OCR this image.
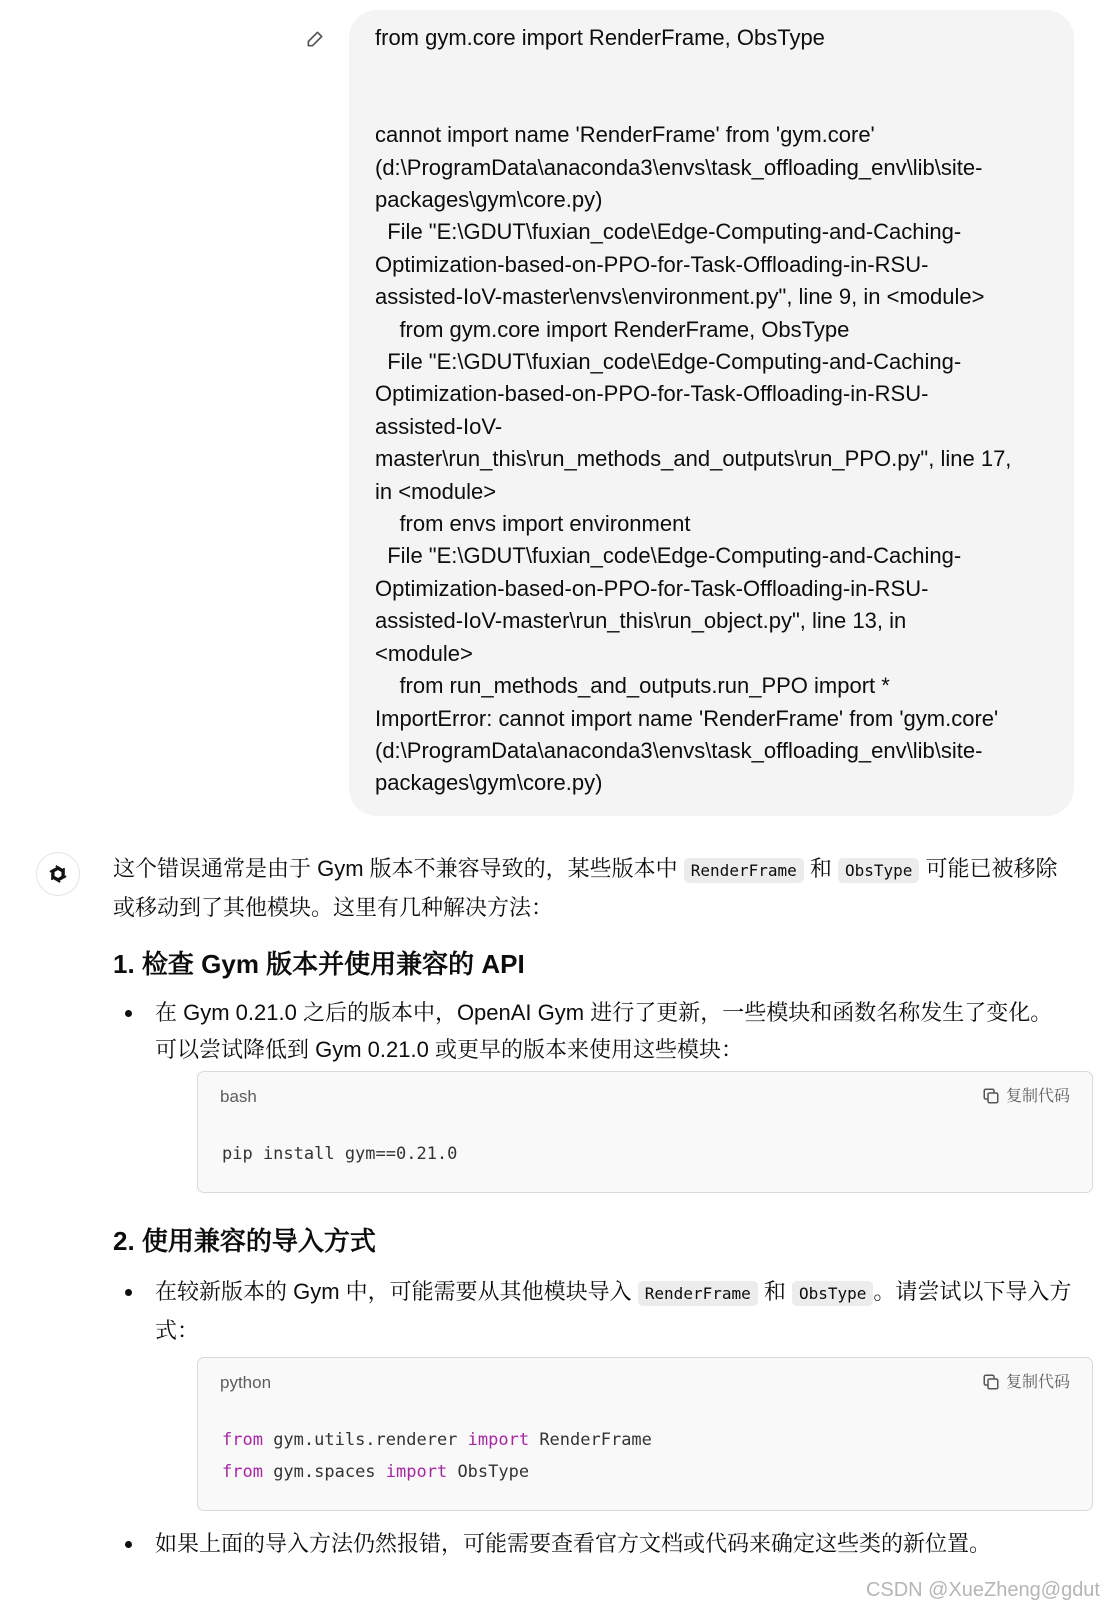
from gym.core import RenderFrame, ObsType
cannot import name 'RenderFrame' from 'gym.core'
(d:\ProgramData\anaconda3\envs\task_offloading_env\lib\site-
packages\gym\core.py)
File "E:\GDUT\fuxian_code\Edge-Computing-and-Caching-
Optimization-based-on-PPO-for-Task-Offloading-in-RSU-
assisted-IoV-master\envs\environment.py", line 9, in <module>
from gym.core import RenderFrame, ObsType
File "E:\GDUT\fuxian_code\Edge-Computing-and-Caching-
Optimization-based-on-PPO-for-Task-Offloading-in-RSU-
assisted-IoV-
master\run_this\run_methods_and_outputs\run_PPO.py", line 17,
in <module>
from envs import environment
File "E:\GDUT\fuxian_code\Edge-Computing-and-Caching-
Optimization-based-on-PPO-for-Task-Offloading-in-RSU-
assisted-IoV-master\run_this\run_object.py", line 13, in
<module>
from run_methods_and_outputs.run_PPO import *
ImportError: cannot import name 'RenderFrame' from 'gym.core'
(d:\ProgramData\anaconda3\envs\task_offloading_env\lib\site-
packages\gym\core.py)

这个错误通常是由于 Gym 版本不兼容导致的，某些版本中 RenderFrame 和 ObsType 可能已被移除或移动到了其他模块。这里有几种解决方法：

1. 检查 Gym 版本并使用兼容的 API
在 Gym 0.21.0 之后的版本中，OpenAI Gym 进行了更新，一些模块和函数名称发生了变化。可以尝试降低到 Gym 0.21.0 或更早的版本来使用这些模块：
bash	复制代码
pip install gym==0.21.0
2. 使用兼容的导入方式
在较新版本的 Gym 中，可能需要从其他模块导入 RenderFrame 和 ObsType 。请尝试以下导入方式：
python	复制代码
from gym.utils.renderer import RenderFrame
from gym.spaces import ObsType
如果上面的导入方法仍然报错，可能需要查看官方文档或代码来确定这些类的新位置。
CSDN @XueZheng@gdut
